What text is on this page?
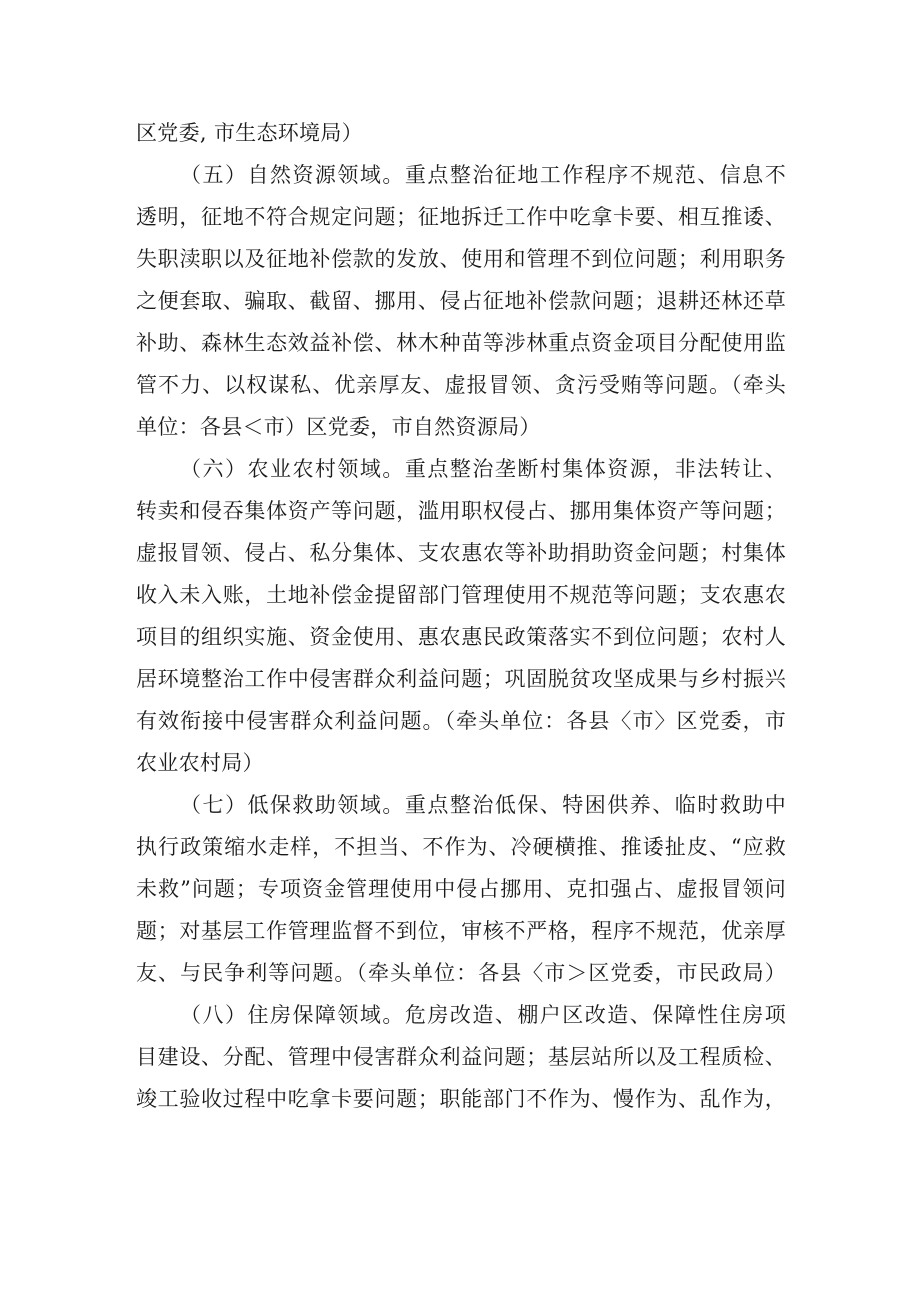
区党委, 市生态环境局）
（五）自然资源领域。重点整治征地工作程序不规范、信息不
透明，征地不符合规定问题；征地拆迁工作中吃拿卡要、相互推诿、
失职渎职以及征地补偿款的发放、使用和管理不到位问题；利用职务
之便套取、骗取、截留、挪用、侵占征地补偿款问题；退耕还林还草
补助、森林生态效益补偿、林木种苗等涉林重点资金项目分配使用监
管不力、以权谋私、优亲厚友、虚报冒领、贪污受贿等问题。（牵头
单位：各县＜市）区党委，市自然资源局）
（六）农业农村领域。重点整治垄断村集体资源，非法转让、
转卖和侵吞集体资产等问题，滥用职权侵占、挪用集体资产等问题；
虚报冒领、侵占、私分集体、支农惠农等补助捐助资金问题；村集体
收入未入账，土地补偿金提留部门管理使用不规范等问题；支农惠农
项目的组织实施、资金使用、惠农惠民政策落实不到位问题；农村人
居环境整治工作中侵害群众利益问题；巩固脱贫攻坚成果与乡村振兴
有效衔接中侵害群众利益问题。（牵头单位：各县〈市〉区党委，市
农业农村局）
（七）低保救助领域。重点整治低保、特困供养、临时救助中
执行政策缩水走样，不担当、不作为、冷硬横推、推诿扯皮、“应救
未救”问题；专项资金管理使用中侵占挪用、克扣强占、虚报冒领问
题；对基层工作管理监督不到位，审核不严格，程序不规范，优亲厚
友、与民争利等问题。（牵头单位：各县〈市＞区党委，市民政局）
（八）住房保障领域。危房改造、棚户区改造、保障性住房项
目建设、分配、管理中侵害群众利益问题；基层站所以及工程质检、
竣工验收过程中吃拿卡要问题；职能部门不作为、慢作为、乱作为，
